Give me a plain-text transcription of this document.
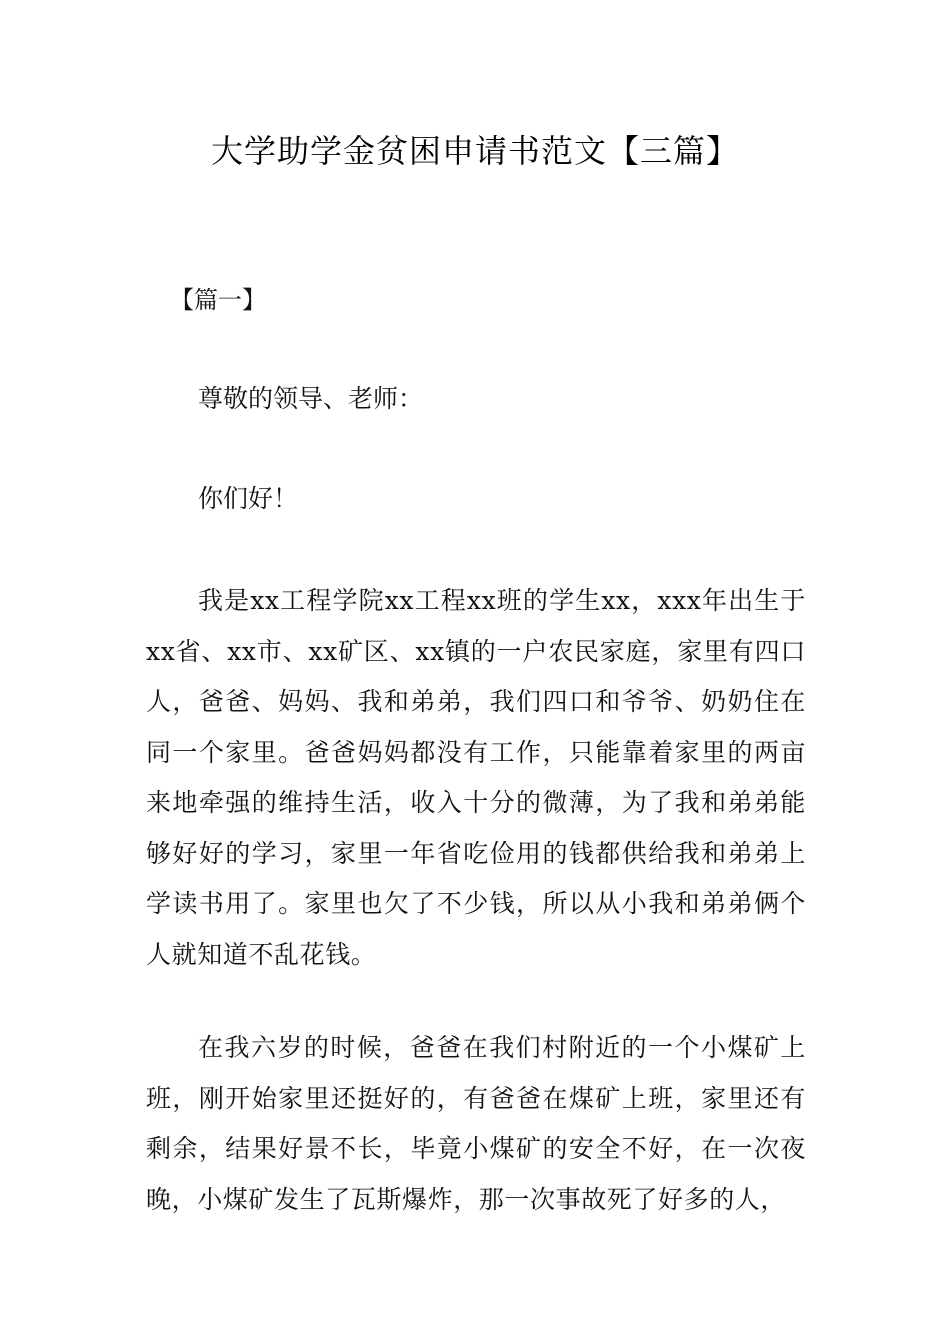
大学助学金贫困申请书范文【三篇】

【篇一】

尊敬的领导、老师：

你们好！

我是xx工程学院xx工程xx班的学生xx，xxx年出生于xx省、xx市、xx矿区、xx镇的一户农民家庭，家里有四口人，爸爸、妈妈、我和弟弟，我们四口和爷爷、奶奶住在同一个家里。爸爸妈妈都没有工作，只能靠着家里的两亩来地牵强的维持生活，收入十分的微薄，为了我和弟弟能够好好的学习，家里一年省吃俭用的钱都供给我和弟弟上学读书用了。家里也欠了不少钱，所以从小我和弟弟俩个人就知道不乱花钱。

在我六岁的时候，爸爸在我们村附近的一个小煤矿上班，刚开始家里还挺好的，有爸爸在煤矿上班，家里还有剩余，结果好景不长，毕竟小煤矿的安全不好，在一次夜晚，小煤矿发生了瓦斯爆炸，那一次事故死了好多的人，
